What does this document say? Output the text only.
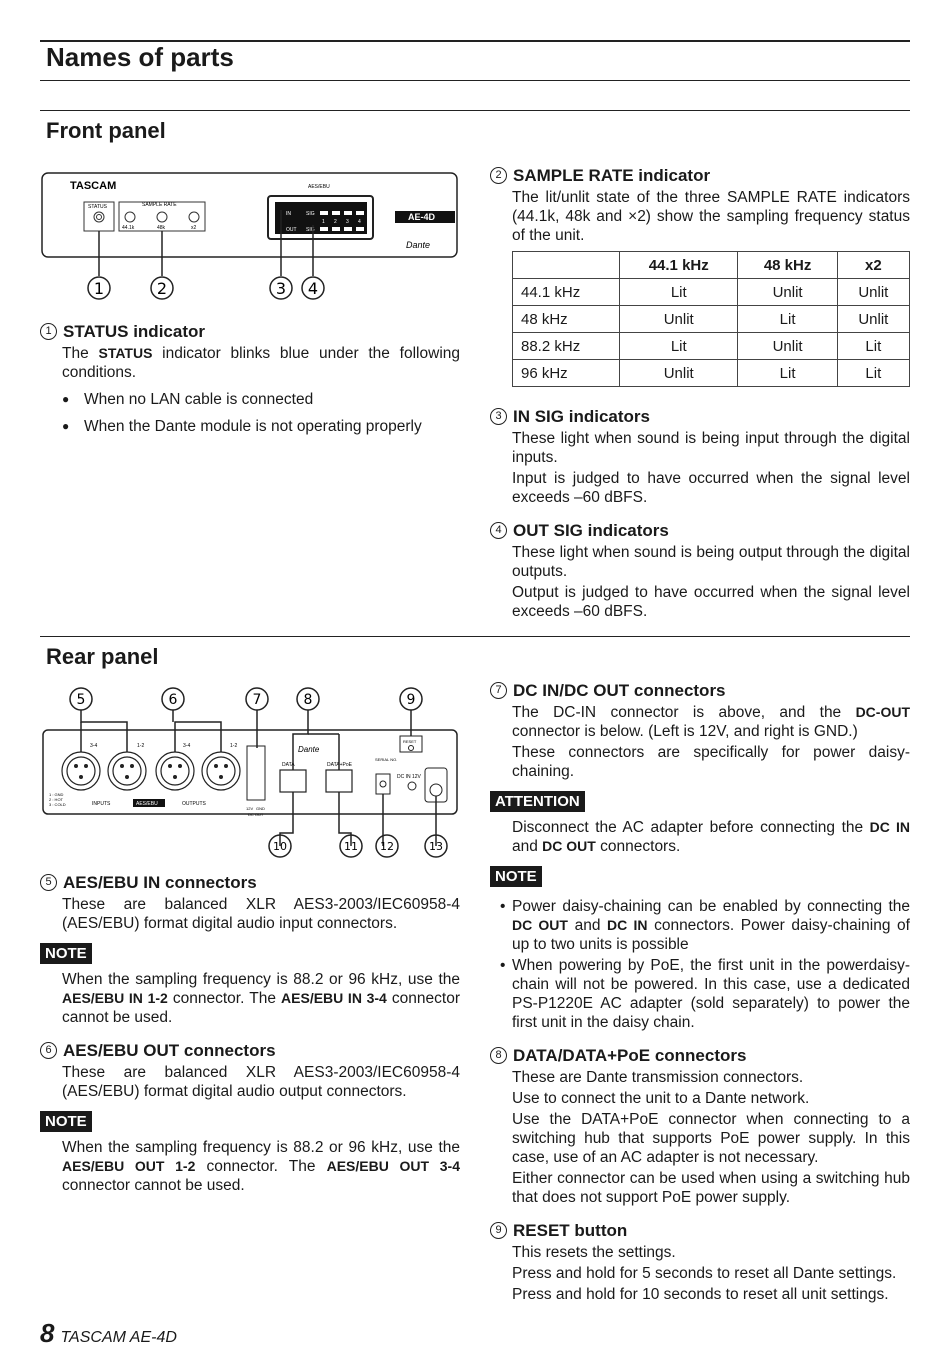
Names of parts
Front panel
TASCAM
STATUS	SAMPLE RATE
44.1k	48k	x2
AES/EBU
IN
OUT
SIG
SIG
1 2 3 4	AE-4D
Dante
1	2	3 4
1 STATUS indicator

The STATUS indicator blinks blue under the following conditions.

● When no LAN cable is connected
● When the Dante module is not operating properly
2 SAMPLE RATE indicator

The lit/unlit state of the three SAMPLE RATE indicators (44.1k, 48k and ×2) show the sampling frequency status of the unit.

	44.1 kHz	48 kHz	x2
44.1 kHz	Lit	Unlit	Unlit
48 kHz	Unlit	Lit	Unlit
88.2 kHz	Lit	Unlit	Lit
96 kHz	Unlit	Lit	Lit
3 IN SIG indicators

These light when sound is being input through the digital inputs.

Input is judged to have occurred when the signal level exceeds –60 dBFS.

4 OUT SIG indicators

These light when sound is being output through the digital outputs.

Output is judged to have occurred when the signal level exceeds –60 dBFS.

Rear panel
3-4	1-2	3-4	1-2
1 : GND
2 : HOT
3 : COLD	INPUTS	AES/EBU	OUTPUTS
12V GND
DC OUT
Dante
DATA	DATA+PoE
SERIAL NO.
RESET
DC IN 12V
5	6	7	8	9
10	11 12	13
5 AES/EBU IN connectors

These are balanced XLR AES3-2003/IEC60958-4 (AES/EBU) format digital audio input connectors.

NOTE

When the sampling frequency is 88.2 or 96 kHz, use the AES/EBU IN 1-2 connector. The AES/EBU IN 3-4 connector cannot be used.

6 AES/EBU OUT connectors

These are balanced XLR AES3-2003/IEC60958-4 (AES/EBU) format digital audio output connectors.

NOTE

When the sampling frequency is 88.2 or 96 kHz, use the AES/EBU OUT 1-2 connector. The AES/EBU OUT 3-4 connector cannot be used.

7 DC IN/DC OUT connectors

The DC-IN connector is above, and the DC-OUT connector is below. (Left is 12V, and right is GND.)

These connectors are specifically for power daisy-chaining.

ATTENTION

Disconnect the AC adapter before connecting the DC IN and DC OUT connectors.

NOTE
• Power daisy-chaining can be enabled by connecting the DC OUT and DC IN connectors. Power daisy-chaining of up to two units is possible
• When powering by PoE, the first unit in the powerdaisy-chain will not be powered. In this case, use a dedicated PS-P1220E AC adapter (sold separately) to power the first unit in the daisy chain.
8 DATA/DATA+PoE connectors

These are Dante transmission connectors.

Use to connect the unit to a Dante network.

Use the DATA+PoE connector when connecting to a switching hub that supports PoE power supply. In this case, use of an AC adapter is not necessary.

Either connector can be used when using a switching hub that does not support PoE power supply.

9 RESET button

This resets the settings.

Press and hold for 5 seconds to reset all Dante settings.

Press and hold for 10 seconds to reset all unit settings.

8 TASCAM AE-4D
